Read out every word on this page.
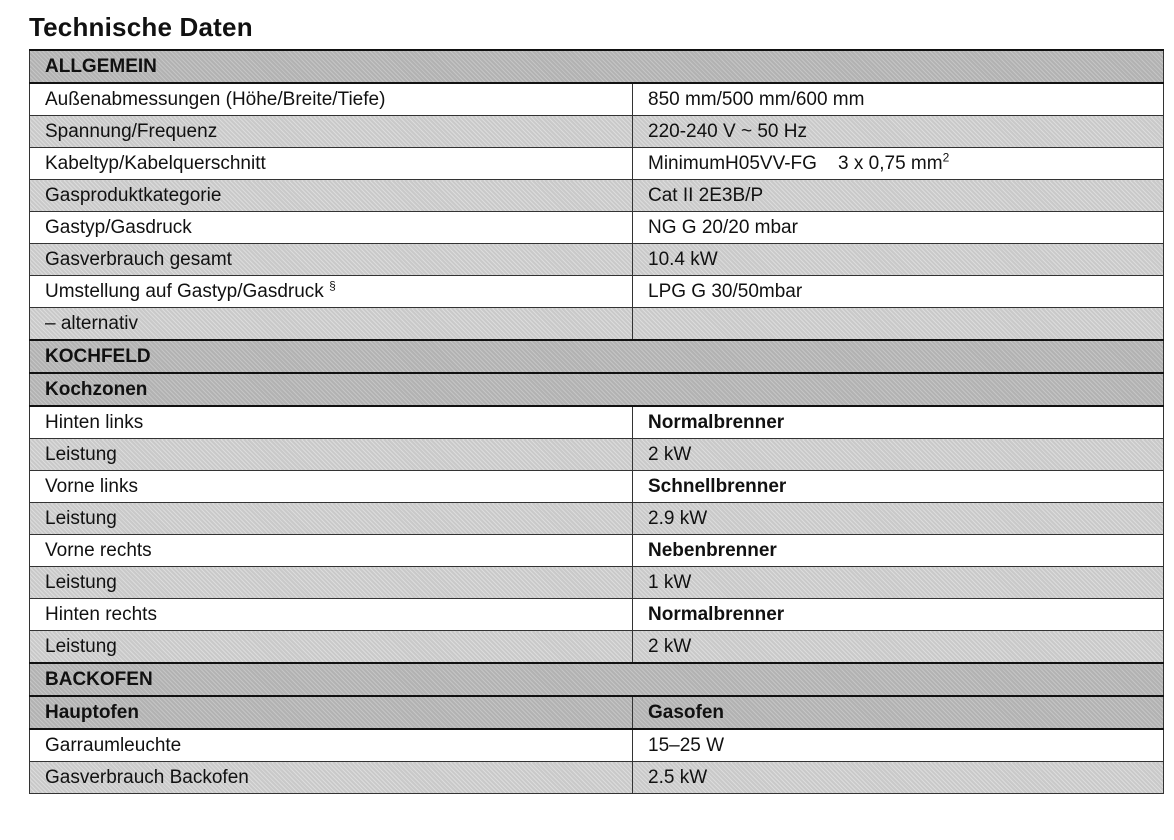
Technische Daten
ALLGEMEIN	
Außenabmessungen (Höhe/Breite/Tiefe)	850 mm/500 mm/600 mm
Spannung/Frequenz	220-240 V ~ 50 Hz
Kabeltyp/Kabelquerschnitt	MinimumH05VV-FG    3 x 0,75 $mm^2$
Gasproduktkategorie	Cat II 2E3B/P
Gastyp/Gasdruck	NG G 20/20 mbar
Gasverbrauch gesamt	10.4 kW
Umstellung auf Gastyp/Gasdruck §	LPG G 30/50mbar
– alternativ	
KOCHFELD	
Kochzonen	
Hinten links	Normalbrenner
Leistung	2 kW
Vorne links	Schnellbrenner
Leistung	2.9 kW
Vorne rechts	Nebenbrenner
Leistung	1 kW
Hinten rechts	Normalbrenner
Leistung	2 kW
BACKOFEN	
Hauptofen	Gasofen
Garraumleuchte	15–25 W
Gasverbrauch Backofen	2.5 kW
